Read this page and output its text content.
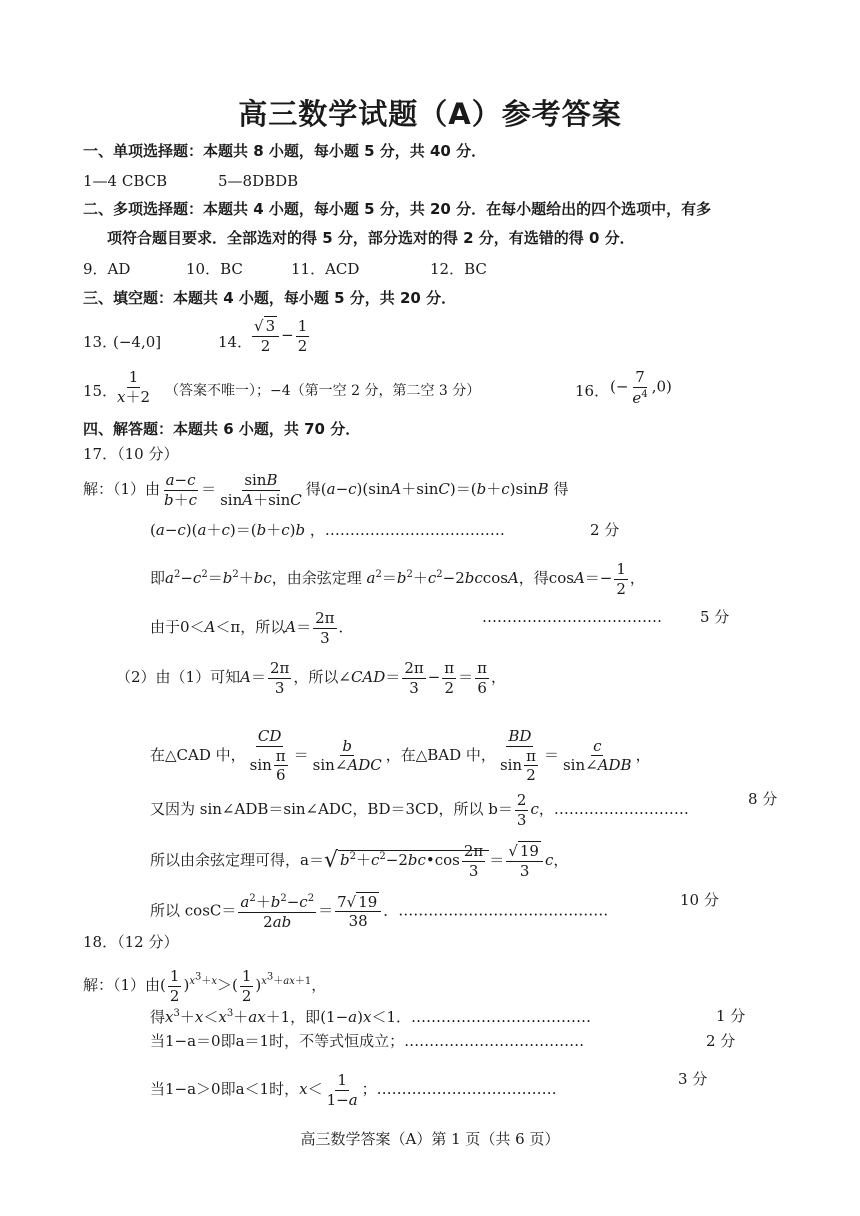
高三数学试题（A）参考答案
一、单项选择题：本题共 8 小题，每小题 5 分，共 40 分．
1—4 CBCB	5—8DBDB
二、多项选择题：本题共 4 小题，每小题 5 分，共 20 分．在每小题给出的四个选项中，有多
项符合题目要求．全部选对的得 5 分，部分选对的得 2 分，有选错的得 0 分．
9．AD	10．BC	11．ACD	12．BC
三、填空题：本题共 4 小题，每小题 5 分，共 20 分．
13．
(−4,0]	14． $\frac{√ 3}{2} - \frac{1}{2}$
15．
$\frac{1}{x+2}$ （答案不唯一）；−4（第一空 2 分，第二空 3 分）	16． (− $\frac{7}{e^4} ,0$)
四、解答题：本题共 6 小题，共 70 分．
17．（10 分）
解：（1）由 $\frac{a-c}{b+c} = \frac{\sin B}{\sin A+\sin C}$ 得(a−c)(sinA＋sinC)＝(b＋c)sinB 得
(a−c)(a＋c)＝(b＋c)b ，………………………………	2 分
即$a^2-c^2=b^2+bc$，由余弦定理 $a^2=b^2+c^2-2bccosA$，得$\cos A=- \frac{1}{2}$ ，
由于0＜A＜π，所以$A= \frac{2\pi}{3}$ ．
………………………………	5 分
（2）由（1）可知$A= \frac{2\pi}{3}$ ，所以∠CAD＝ $\frac{2\pi}{3} - \frac{\pi}{2} = \frac{\pi}{6}$ ，
在△CAD 中， $\frac{CD}{\sin \frac{\pi}{6}} = b$
sin∠ADC
，在△BAD 中， $\frac{BD}{\sin \frac{\pi}{2}} = c$
sin∠ADB
，
又因为 sin∠ADB＝sin∠ADC，BD＝3CD，所以 $b= \frac{2}{3}$ c，………………………
8 分
所以由余弦定理可得，a＝√ $b^2+c^2-2bc•\cos \frac{2\pi}{3} = \frac{√ 19}{3}$ c，
所以 $\cos C= \frac{a^2+b^2-c^2}{2ab} = \frac{7√ 19}{38}$ ．……………………………………
10 分
18．（12 分）
解：（1）由( $\frac{1}{2} )^{x^3+x}>( \frac{1}{2} )^{x^3+ax+1}$，
得$x^3+x<x^3+ax+1$，即(1−a)x＜1．………………………………	1 分
当1−a＝0即a＝1时，不等式恒成立；………………………………	2 分
当1−a＞0即a＜1时，$x< \frac{1}{1-a}$ ；………………………………
3 分
高三数学答案（A）第 1 页（共 6 页）
